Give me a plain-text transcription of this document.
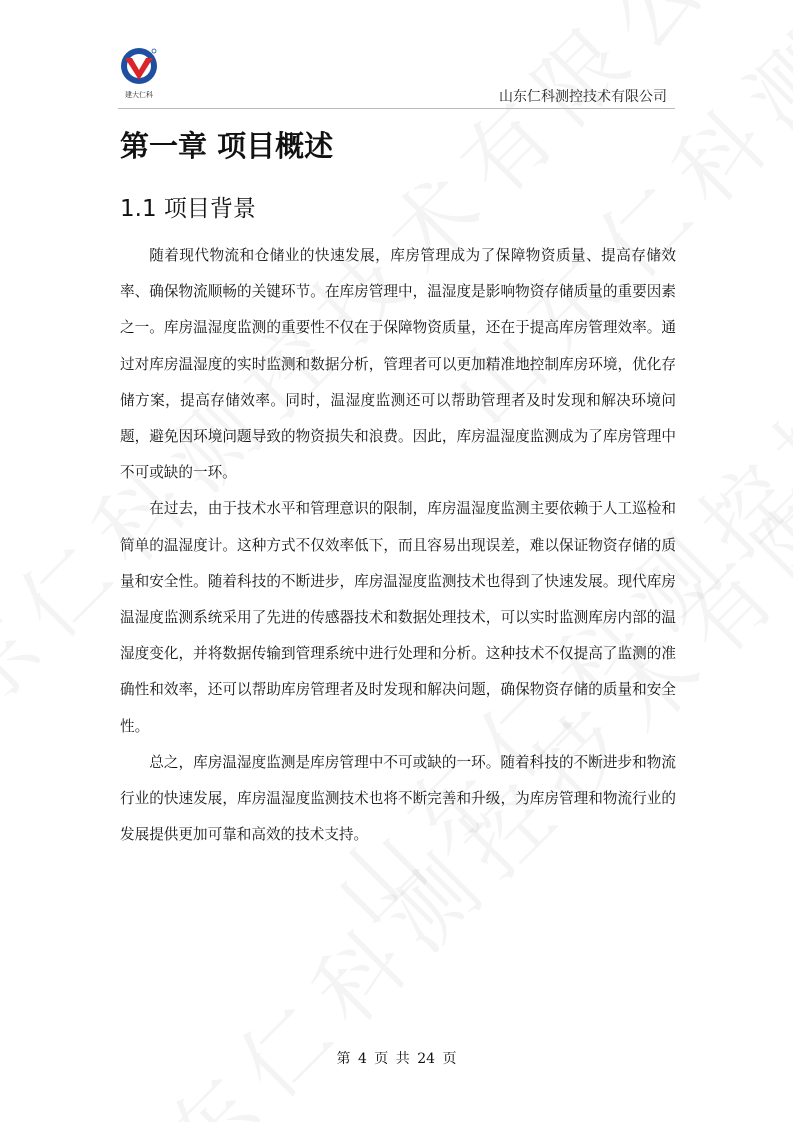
建大仁科	山东仁科测控技术有限公司
第一章 项目概述
1.1 项目背景

随着现代物流和仓储业的快速发展，库房管理成为了保障物资质量、提高存储效率、确保物流顺畅的关键环节。在库房管理中，温湿度是影响物资存储质量的重要因素之一。库房温湿度监测的重要性不仅在于保障物资质量，还在于提高库房管理效率。通过对库房温湿度的实时监测和数据分析，管理者可以更加精准地控制库房环境，优化存储方案，提高存储效率。同时，温湿度监测还可以帮助管理者及时发现和解决环境问题，避免因环境问题导致的物资损失和浪费。因此，库房温湿度监测成为了库房管理中不可或缺的一环。

在过去，由于技术水平和管理意识的限制，库房温湿度监测主要依赖于人工巡检和简单的温湿度计。这种方式不仅效率低下，而且容易出现误差，难以保证物资存储的质量和安全性。随着科技的不断进步，库房温湿度监测技术也得到了快速发展。现代库房温湿度监测系统采用了先进的传感器技术和数据处理技术，可以实时监测库房内部的温湿度变化，并将数据传输到管理系统中进行处理和分析。这种技术不仅提高了监测的准确性和效率，还可以帮助库房管理者及时发现和解决问题，确保物资存储的质量和安全性。

总之，库房温湿度监测是库房管理中不可或缺的一环。随着科技的不断进步和物流行业的快速发展，库房温湿度监测技术也将不断完善和升级，为库房管理和物流行业的发展提供更加可靠和高效的技术支持。

第 4 页 共 24 页
